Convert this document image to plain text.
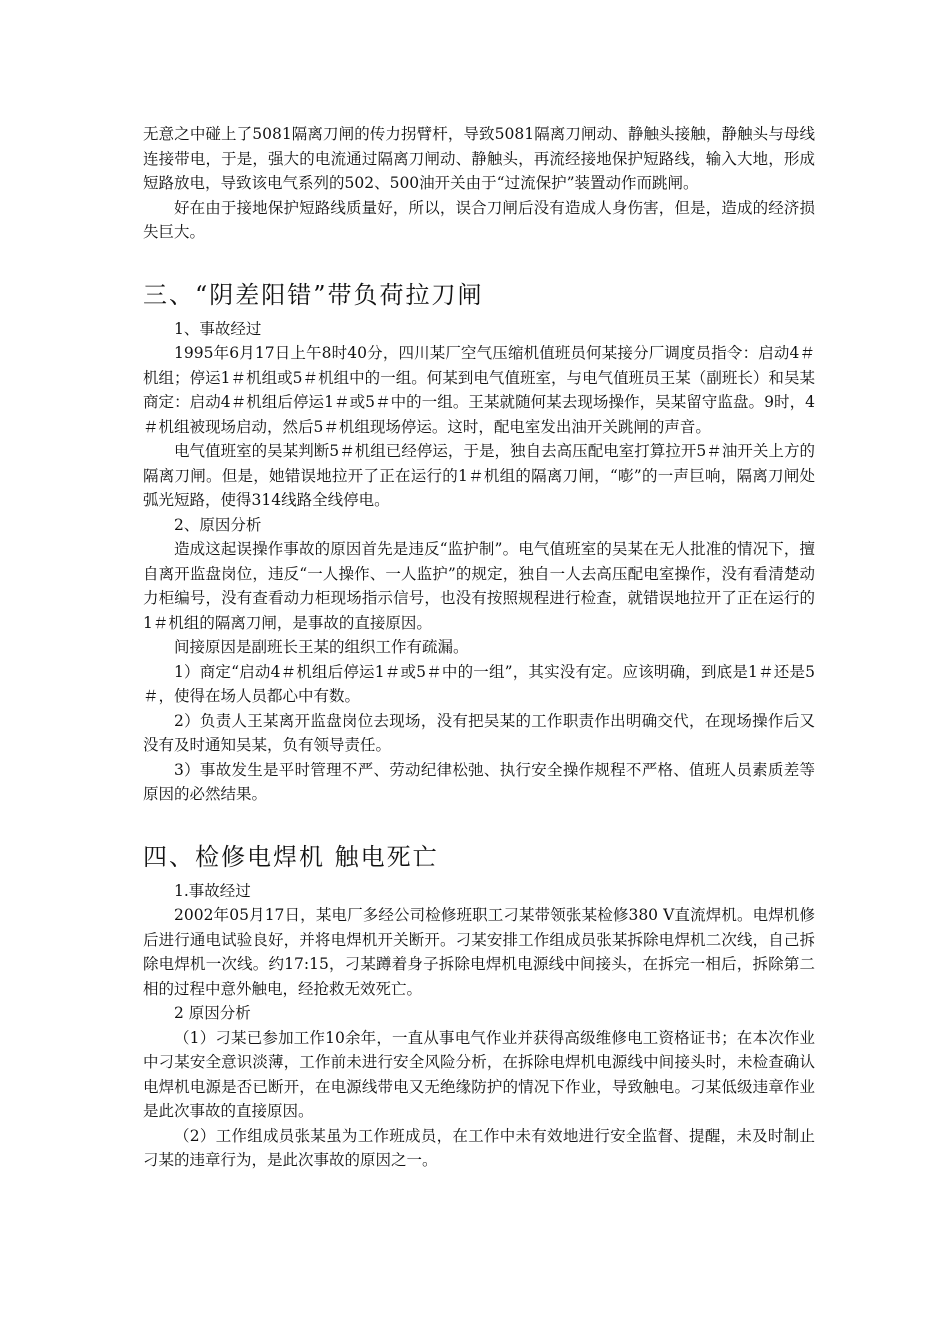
无意之中碰上了5081隔离刀闸的传力拐臂杆，导致5081隔离刀闸动、静触头接触，静触头与母线连接带电，于是，强大的电流通过隔离刀闸动、静触头，再流经接地保护短路线，输入大地，形成短路放电，导致该电气系列的502、500油开关由于“过流保护”装置动作而跳闸。

好在由于接地保护短路线质量好，所以，误合刀闸后没有造成人身伤害，但是，造成的经济损失巨大。

三、“阴差阳错”带负荷拉刀闸

1、事故经过

1995年6月17日上午8时40分，四川某厂空气压缩机值班员何某接分厂调度员指令：启动4＃机组；停运1＃机组或5＃机组中的一组。何某到电气值班室，与电气值班员王某（副班长）和吴某商定：启动4＃机组后停运1＃或5＃中的一组。王某就随何某去现场操作，吴某留守监盘。9时，4＃机组被现场启动，然后5＃机组现场停运。这时，配电室发出油开关跳闸的声音。

电气值班室的吴某判断5＃机组已经停运，于是，独自去高压配电室打算拉开5＃油开关上方的隔离刀闸。但是，她错误地拉开了正在运行的1＃机组的隔离刀闸，“嘭”的一声巨响，隔离刀闸处弧光短路，使得314线路全线停电。

2、原因分析

造成这起误操作事故的原因首先是违反“监护制”。电气值班室的吴某在无人批准的情况下，擅自离开监盘岗位，违反“一人操作、一人监护”的规定，独自一人去高压配电室操作，没有看清楚动力柜编号，没有查看动力柜现场指示信号，也没有按照规程进行检查，就错误地拉开了正在运行的1＃机组的隔离刀闸，是事故的直接原因。

间接原因是副班长王某的组织工作有疏漏。

1）商定“启动4＃机组后停运1＃或5＃中的一组”，其实没有定。应该明确，到底是1＃还是5＃，使得在场人员都心中有数。

2）负责人王某离开监盘岗位去现场，没有把吴某的工作职责作出明确交代，在现场操作后又没有及时通知吴某，负有领导责任。

3）事故发生是平时管理不严、劳动纪律松弛、执行安全操作规程不严格、值班人员素质差等原因的必然结果。

四、检修电焊机 触电死亡

1.事故经过

2002年05月17日，某电厂多经公司检修班职工刁某带领张某检修380 V直流焊机。电焊机修后进行通电试验良好，并将电焊机开关断开。刁某安排工作组成员张某拆除电焊机二次线，自己拆除电焊机一次线。约17:15，刁某蹲着身子拆除电焊机电源线中间接头，在拆完一相后，拆除第二相的过程中意外触电，经抢救无效死亡。

2 原因分析

（1）刁某已参加工作10余年，一直从事电气作业并获得高级维修电工资格证书；在本次作业中刁某安全意识淡薄，工作前未进行安全风险分析，在拆除电焊机电源线中间接头时，未检查确认电焊机电源是否已断开，在电源线带电又无绝缘防护的情况下作业，导致触电。刁某低级违章作业是此次事故的直接原因。

（2）工作组成员张某虽为工作班成员，在工作中未有效地进行安全监督、提醒，未及时制止刁某的违章行为，是此次事故的原因之一。
